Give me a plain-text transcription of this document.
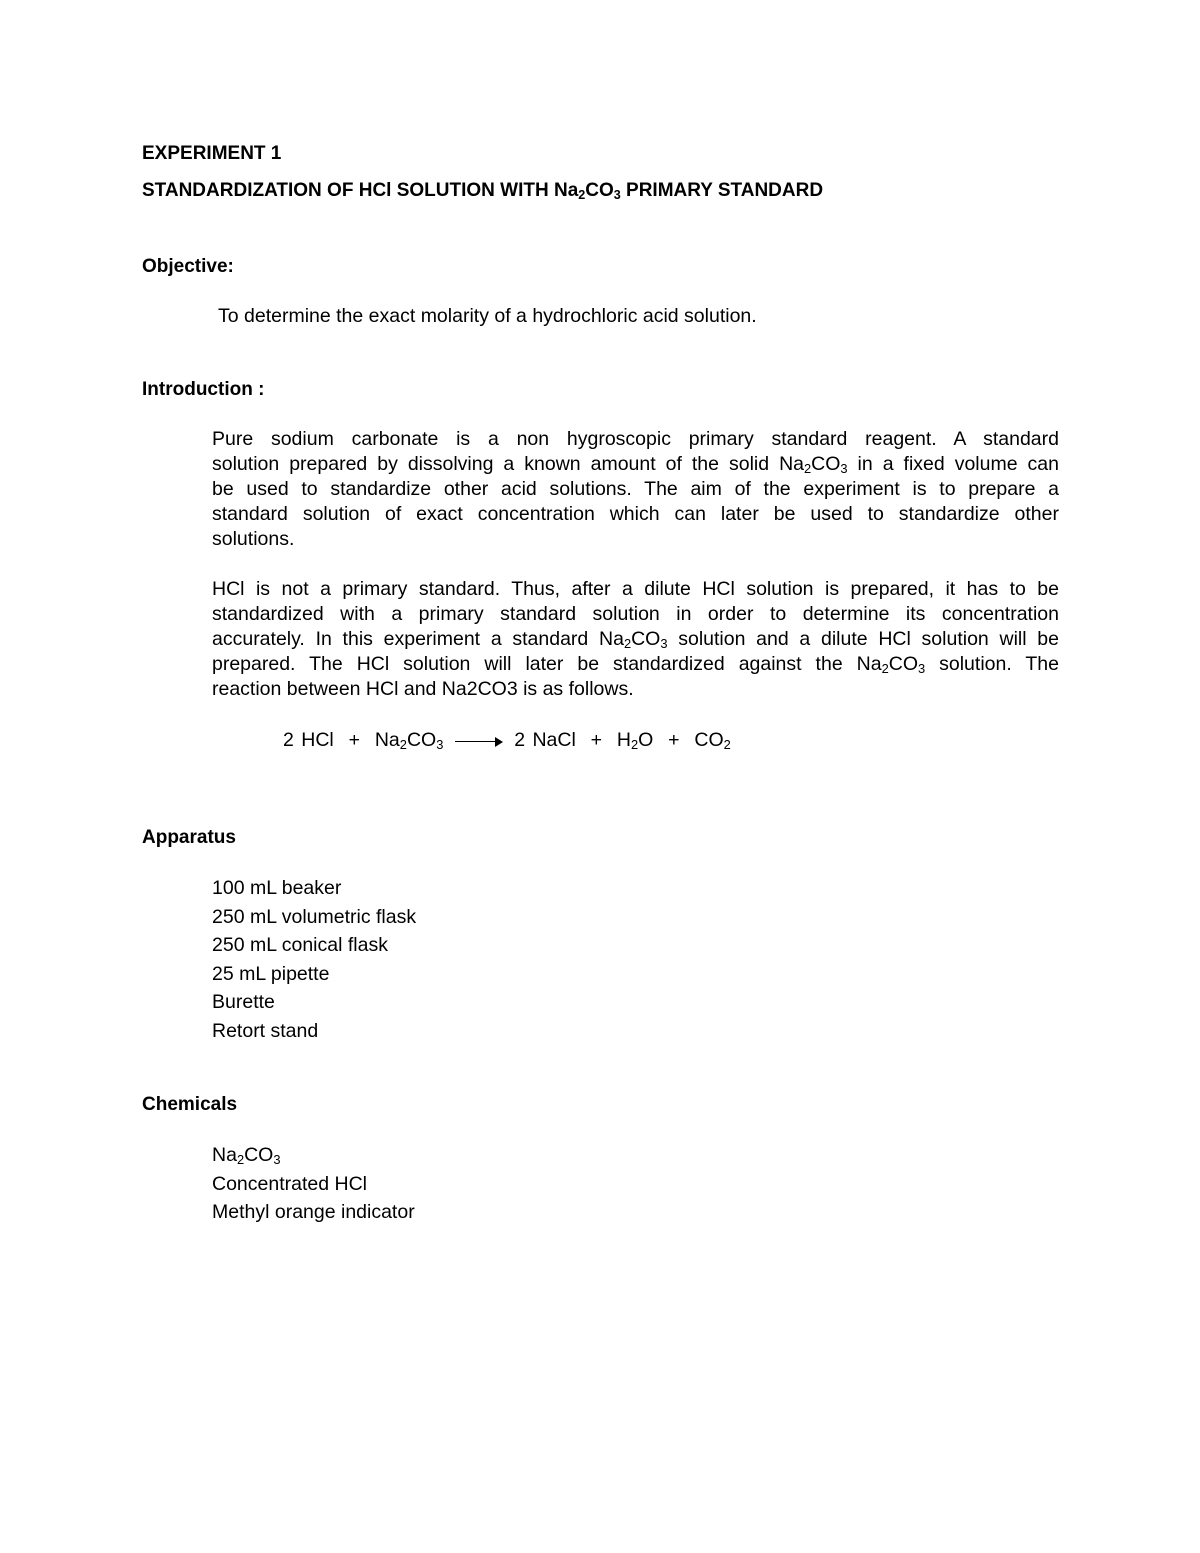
EXPERIMENT 1
STANDARDIZATION OF HCl SOLUTION WITH $Na_2CO_3$ PRIMARY STANDARD
Objective:
To determine the exact molarity of a hydrochloric acid solution.
Introduction :
Pure sodium carbonate is a non hygroscopic primary standard reagent. A standard
solution prepared by dissolving a known amount of the solid $Na_2CO_3$ in a fixed volume can
be used to standardize other acid solutions. The aim of the experiment is to prepare a
standard solution of exact concentration which can later be used to standardize other
solutions.
HCl is not a primary standard. Thus, after a dilute HCl solution is prepared, it has to be
standardized with a primary standard solution in order to determine its concentration
accurately. In this experiment a standard $Na_2CO_3$ solution and a dilute HCl solution will be
prepared. The HCl solution will later be standardized against the $Na_2CO_3$ solution. The
reaction between HCl and Na2CO3 is as follows.
2 HCl + $Na_2CO_3$	2 NaCl + $H_2O + CO_2$
Apparatus
100 mL beaker
250 mL volumetric flask
250 mL conical flask
25 mL pipette
Burette
Retort stand
Chemicals
$Na_2CO_3$
Concentrated HCl
Methyl orange indicator
